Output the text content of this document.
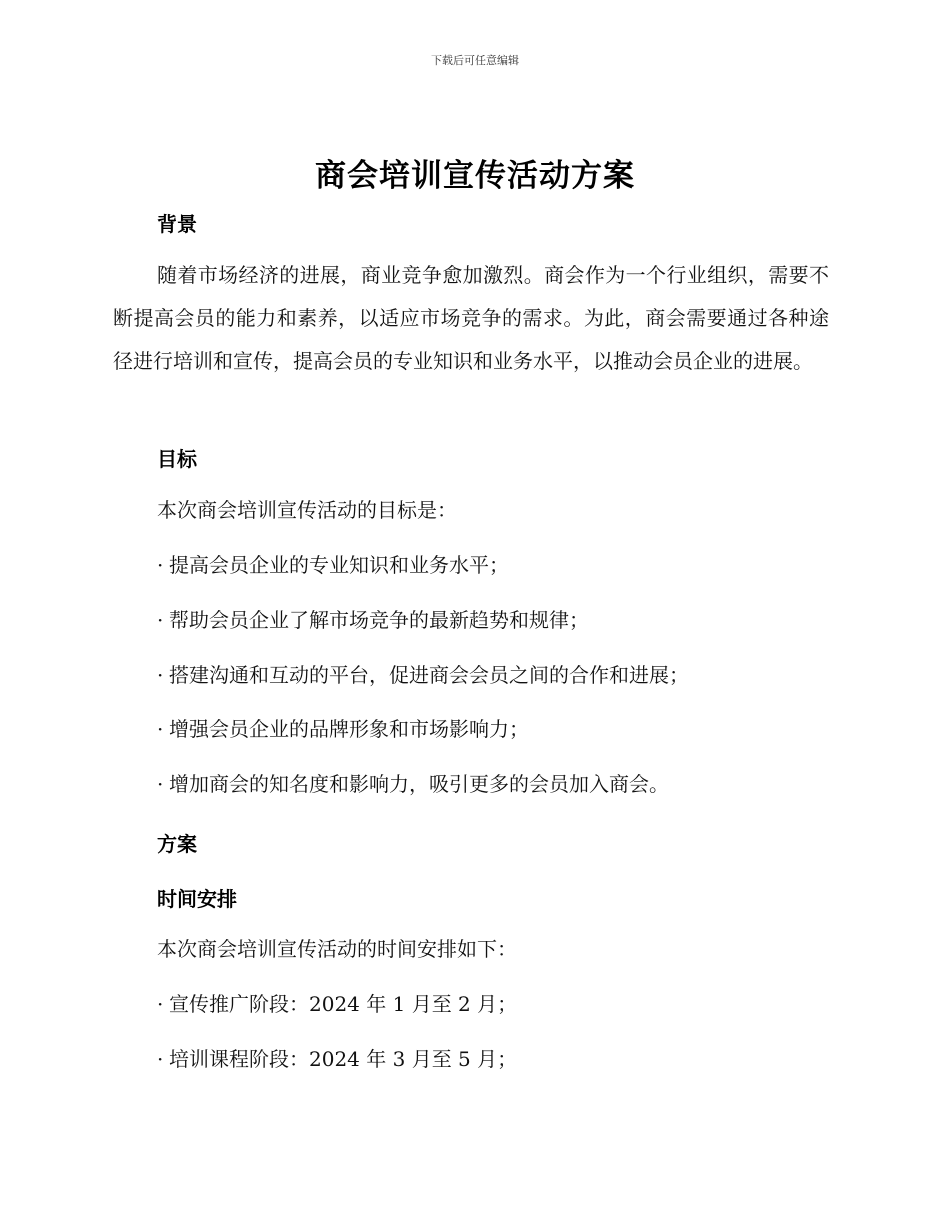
下载后可任意编辑
商会培训宣传活动方案
背景

随着市场经济的进展，商业竞争愈加激烈。商会作为一个行业组织，需要不断提高会员的能力和素养，以适应市场竞争的需求。为此，商会需要通过各种途径进行培训和宣传，提高会员的专业知识和业务水平，以推动会员企业的进展。

目标

本次商会培训宣传活动的目标是：

· 提高会员企业的专业知识和业务水平；

· 帮助会员企业了解市场竞争的最新趋势和规律；

· 搭建沟通和互动的平台，促进商会会员之间的合作和进展；

· 增强会员企业的品牌形象和市场影响力；

· 增加商会的知名度和影响力，吸引更多的会员加入商会。

方案
时间安排

本次商会培训宣传活动的时间安排如下：

· 宣传推广阶段：2024 年 1 月至 2 月；

· 培训课程阶段：2024 年 3 月至 5 月；
